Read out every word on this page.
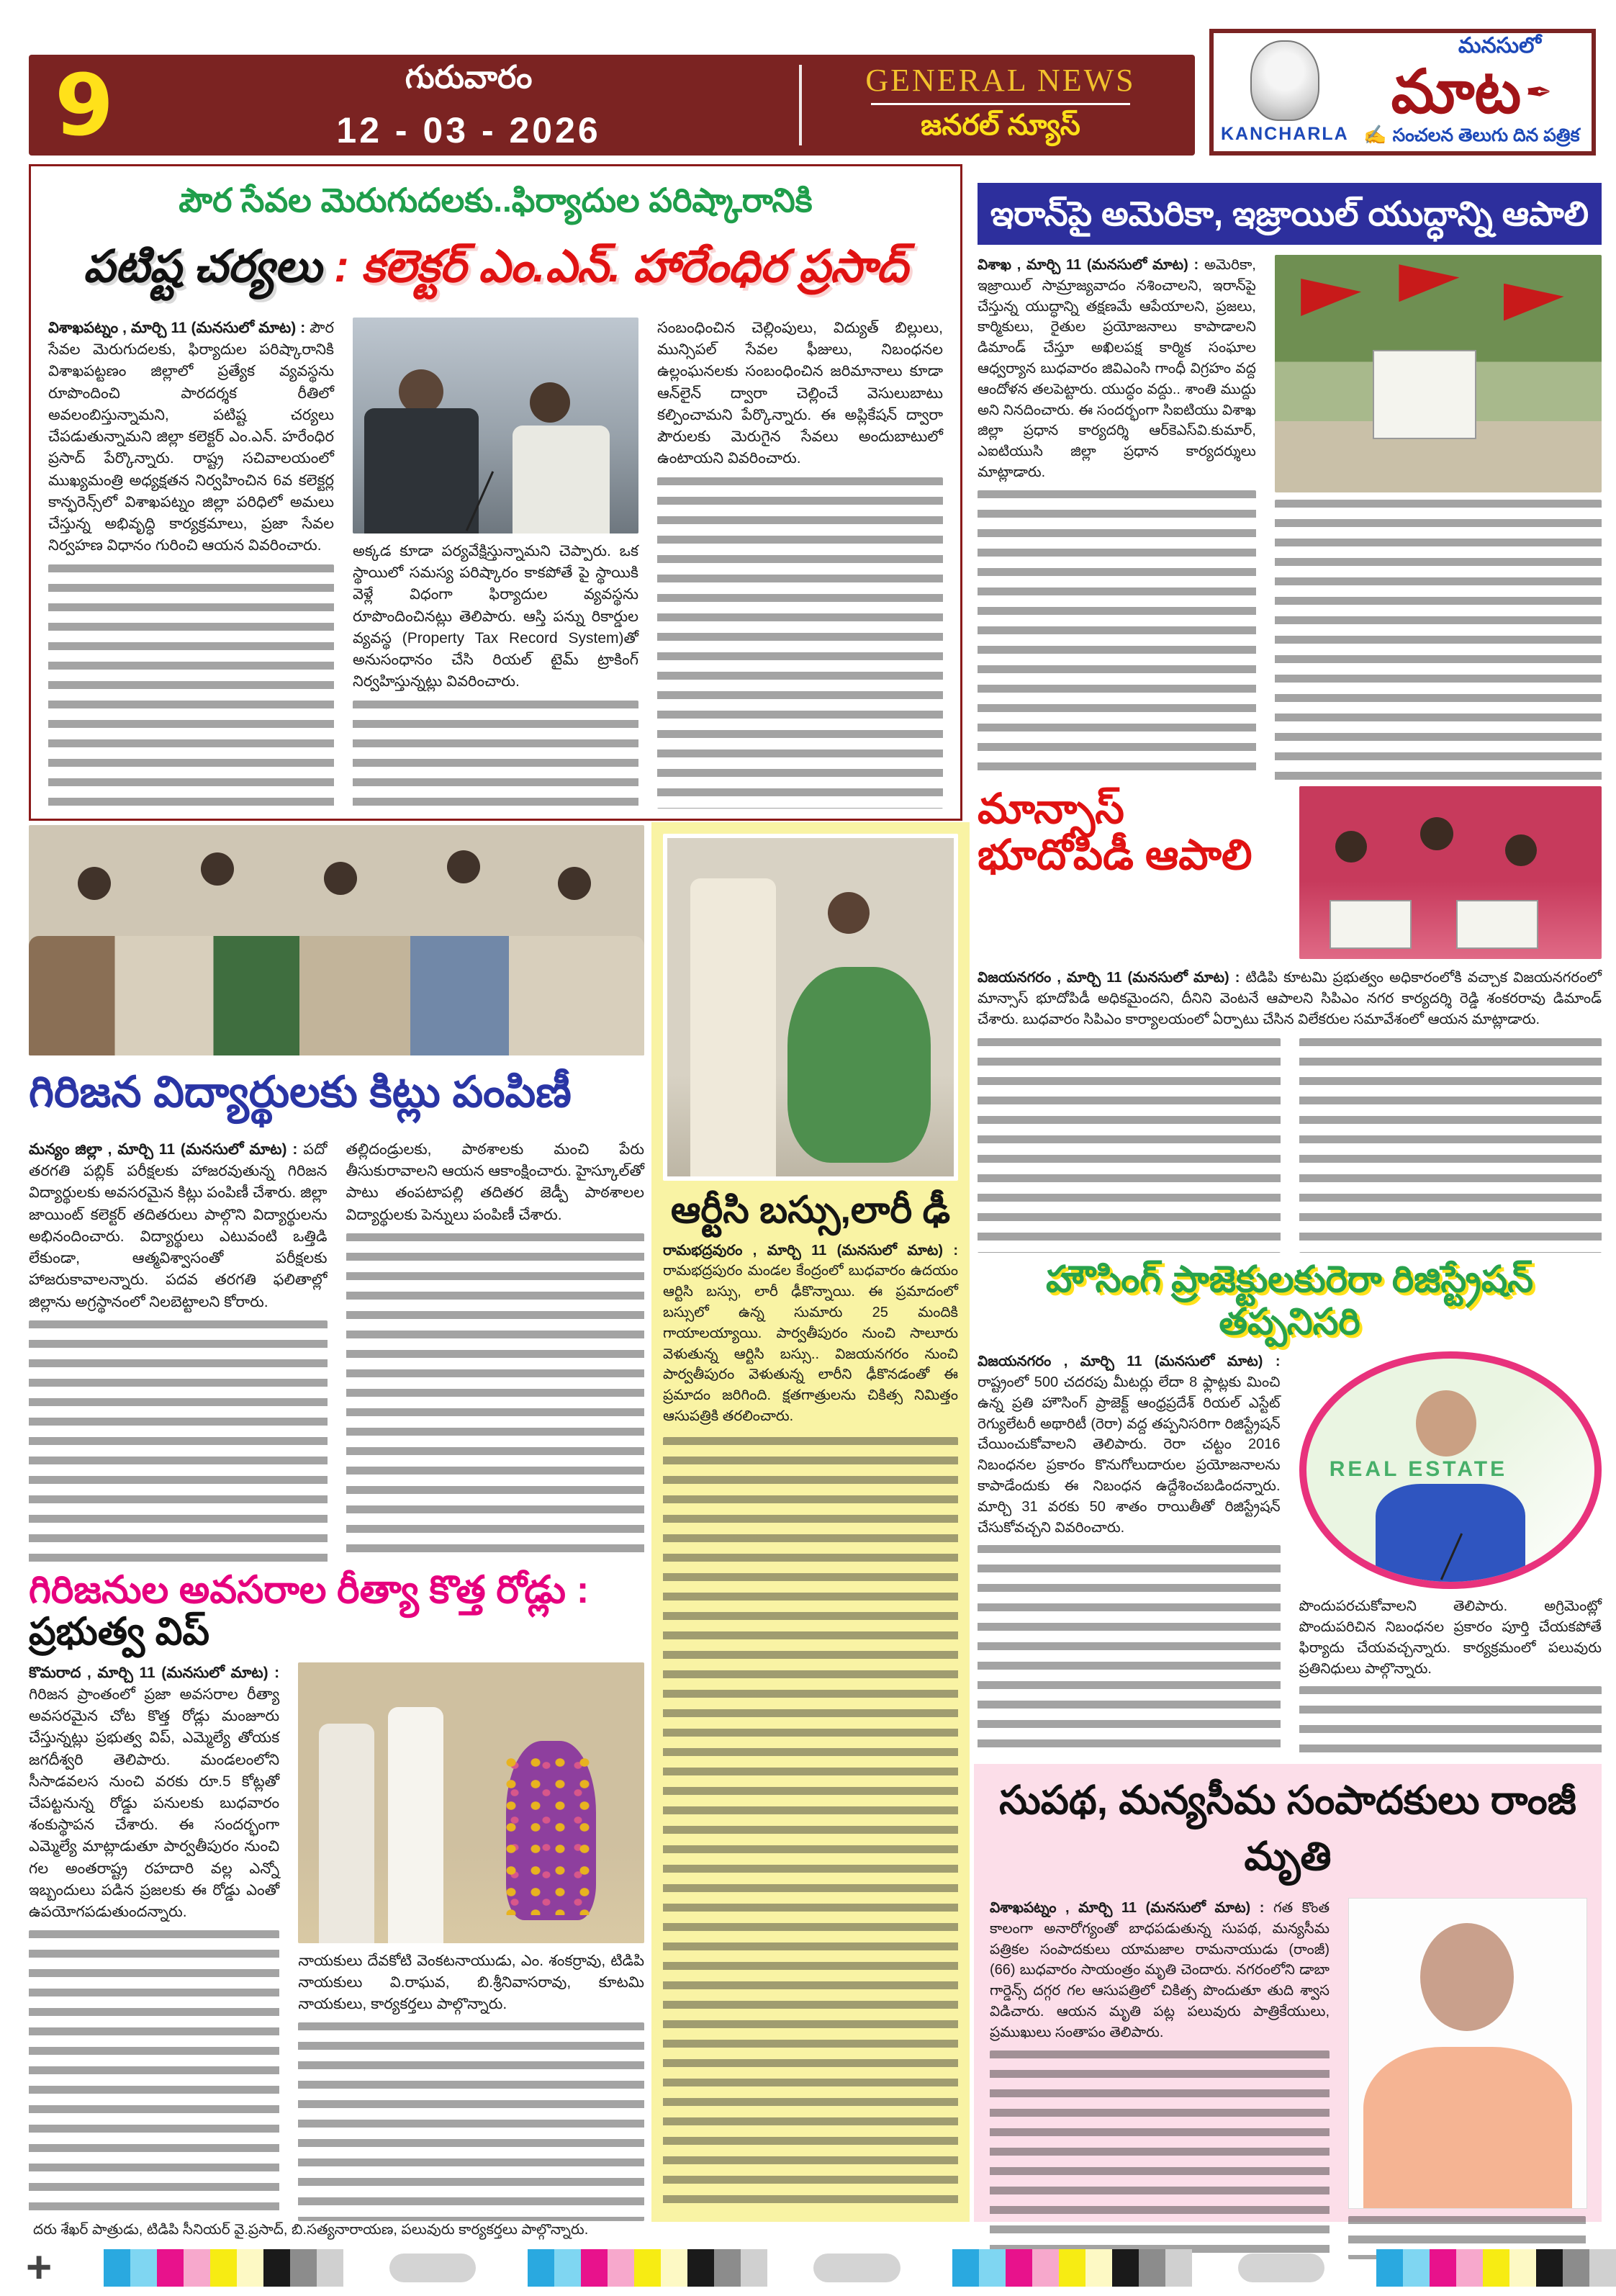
9	గురువారం
12 - 03 - 2026
GENERAL NEWS
జనరల్ న్యూస్	KANCHARLA
మనసులో
మాట ✒
✍ సంచలన తెలుగు దిన పత్రిక
పౌర సేవల మెరుగుదలకు..ఫిర్యాదుల పరిష్కారానికి
పటిష్ట చర్యలు : కలెక్టర్ ఎం.ఎన్. హారేంధిర ప్రసాద్
విశాఖపట్నం , మార్చి 11 (మనసులో మాట) : పౌర సేవల మెరుగుదలకు, ఫిర్యాదుల పరిష్కారానికి విశాఖపట్టణం జిల్లాలో ప్రత్యేక వ్యవస్థను రూపొందించి పారదర్శక రీతిలో అవలంబిస్తున్నామని, పటిష్ట చర్యలు చేపడుతున్నామని జిల్లా కలెక్టర్ ఎం.ఎన్. హరేంధిర ప్రసాద్ పేర్కొన్నారు. రాష్ట్ర సచివాలయంలో ముఖ్యమంత్రి అధ్యక్షతన నిర్వహించిన 6వ కలెక్టర్ల కాన్ఫరెన్స్‌లో విశాఖపట్నం జిల్లా పరిధిలో అమలు చేస్తున్న అభివృద్ధి కార్యక్రమాలు, ప్రజా సేవల నిర్వహణ విధానం గురించి ఆయన వివరించారు.	అక్కడ కూడా పర్యవేక్షిస్తున్నామని చెప్పారు. ఒక స్థాయిలో సమస్య పరిష్కారం కాకపోతే పై స్థాయికి వెళ్లే విధంగా ఫిర్యాదుల వ్యవస్థను రూపొందించినట్లు తెలిపారు. ఆస్తి పన్ను రికార్డుల వ్యవస్థ (Property Tax Record System)తో అనుసంధానం చేసి రియల్ టైమ్ ట్రాకింగ్ నిర్వహిస్తున్నట్లు వివరించారు.
సంబంధించిన చెల్లింపులు, విద్యుత్ బిల్లులు, మున్సిపల్ సేవల ఫీజులు, నిబంధనల ఉల్లంఘనలకు సంబంధించిన జరిమానాలు కూడా ఆన్‌లైన్ ద్వారా చెల్లించే వెసులుబాటు కల్పించామని పేర్కొన్నారు. ఈ అప్లికేషన్ ద్వారా పౌరులకు మెరుగైన సేవలు అందుబాటులో ఉంటాయని వివరించారు.
ఇరాన్‌పై అమెరికా, ఇజ్రాయిల్ యుద్ధాన్ని ఆపాలి
విశాఖ , మార్చి 11 (మనసులో మాట) : అమెరికా, ఇజ్రాయిల్ సామ్రాజ్యవాదం నశించాలని, ఇరాన్‌పై చేస్తున్న యుద్ధాన్ని తక్షణమే ఆపేయాలని, ప్రజలు, కార్మికులు, రైతుల ప్రయోజనాలు కాపాడాలని డిమాండ్ చేస్తూ అఖిలపక్ష కార్మిక సంఘాల ఆధ్వర్యాన బుధవారం జివిఎంసి గాంధీ విగ్రహం వద్ద ఆందోళన తలపెట్టారు. యుద్ధం వద్దు.. శాంతి ముద్దు అని నినదించారు. ఈ సందర్భంగా సిఐటియు విశాఖ జిల్లా ప్రధాన కార్యదర్శి ఆర్‌కెఎస్‌వి.కుమార్, ఎఐటియుసి జిల్లా ప్రధాన కార్యదర్శులు మాట్లాడారు.
మాన్సాస్ భూదోపిడీ ఆపాలి
విజయనగరం , మార్చి 11 (మనసులో మాట) : టిడిపి కూటమి ప్రభుత్వం అధికారంలోకి వచ్చాక విజయనగరంలో మాన్సాస్ భూదోపిడీ అధికమైందని, దీనిని వెంటనే ఆపాలని సిపిఎం నగర కార్యదర్శి రెడ్డి శంకరరావు డిమాండ్ చేశారు. బుధవారం సిపిఎం కార్యాలయంలో ఏర్పాటు చేసిన విలేకరుల సమావేశంలో ఆయన మాట్లాడారు.
హౌసింగ్ ప్రాజెక్టులకురెరా రిజిస్ట్రేషన్ తప్పనిసరి
విజయనగరం , మార్చి 11 (మనసులో మాట) : రాష్ట్రంలో 500 చదరపు మీటర్లు లేదా 8 ఫ్లాట్లకు మించి ఉన్న ప్రతి హౌసింగ్ ప్రాజెక్ట్ ఆంధ్రప్రదేశ్ రియల్ ఎస్టేట్ రెగ్యులేటరీ అథారిటీ (రెరా) వద్ద తప్పనిసరిగా రిజిస్ట్రేషన్ చేయించుకోవాలని తెలిపారు. రెరా చట్టం 2016 నిబంధనల ప్రకారం కొనుగోలుదారుల ప్రయోజనాలను కాపాడేందుకు ఈ నిబంధన ఉద్దేశించబడిందన్నారు. మార్చి 31 వరకు 50 శాతం రాయితీతో రిజిస్ట్రేషన్ చేసుకోవచ్చని వివరించారు.
REAL ESTATE
పొందుపరచుకోవాలని తెలిపారు. అగ్రిమెంట్లో పొందుపరిచిన నిబంధనల ప్రకారం పూర్తి చేయకపోతే ఫిర్యాదు చేయవచ్చన్నారు. కార్యక్రమంలో పలువురు ప్రతినిధులు పాల్గొన్నారు.
సుపథ, మన్యసీమ సంపాదకులు రాంజీ మృతి
విశాఖపట్నం , మార్చి 11 (మనసులో మాట) : గత కొంత కాలంగా అనారోగ్యంతో బాధపడుతున్న సుపథ, మన్యసీమ పత్రికల సంపాదకులు యామజాల రామనాయుడు (రాంజీ) (66) బుధవారం సాయంత్రం మృతి చెందారు. నగరంలోని డాబా గార్డెన్స్ దగ్గర గల ఆసుపత్రిలో చికిత్స పొందుతూ తుది శ్వాస విడిచారు. ఆయన మృతి పట్ల పలువురు పాత్రికేయులు, ప్రముఖులు సంతాపం తెలిపారు.
గిరిజన విద్యార్థులకు కిట్లు పంపిణీ
మన్యం జిల్లా , మార్చి 11 (మనసులో మాట) : పదో తరగతి పబ్లిక్ పరీక్షలకు హాజరవుతున్న గిరిజన విద్యార్థులకు అవసరమైన కిట్లు పంపిణీ చేశారు. జిల్లా జాయింట్ కలెక్టర్ తదితరులు పాల్గొని విద్యార్థులను అభినందించారు. విద్యార్థులు ఎటువంటి ఒత్తిడి లేకుండా, ఆత్మవిశ్వాసంతో పరీక్షలకు హాజరుకావాలన్నారు. పదవ తరగతి ఫలితాల్లో జిల్లాను అగ్రస్థానంలో నిలబెట్టాలని కోరారు.
తల్లిదండ్రులకు, పాఠశాలకు మంచి పేరు తీసుకురావాలని ఆయన ఆకాంక్షించారు. హైస్కూల్‌తో పాటు తంపటాపల్లి తదితర జెడ్పీ పాఠశాలల విద్యార్థులకు పెన్నులు పంపిణీ చేశారు.
గిరిజనుల అవసరాల రీత్యా కొత్త రోడ్లు : ప్రభుత్వ విప్
కొమరాద , మార్చి 11 (మనసులో మాట) : గిరిజన ప్రాంతంలో ప్రజా అవసరాల రీత్యా అవసరమైన చోట కొత్త రోడ్లు మంజూరు చేస్తున్నట్లు ప్రభుత్వ విప్, ఎమ్మెల్యే తోయక జగదీశ్వరి తెలిపారు. మండలంలోని సీసాడవలస నుంచి వరకు రూ.5 కోట్లతో చేపట్టనున్న రోడ్డు పనులకు బుధవారం శంకుస్థాపన చేశారు. ఈ సందర్భంగా ఎమ్మెల్యే మాట్లాడుతూ పార్వతీపురం నుంచి గల అంతరాష్ట్ర రహదారి వల్ల ఎన్నో ఇబ్బందులు పడిన ప్రజలకు ఈ రోడ్డు ఎంతో ఉపయోగపడుతుందన్నారు.
నాయకులు దేవకోటి వెంకటనాయుడు, ఎం. శంకర్రావు, టిడిపి నాయకులు వి.రాఘవ, బి.శ్రీనివాసరావు, కూటమి నాయకులు, కార్యకర్తలు పాల్గొన్నారు.
దరు శేఖర్ పాత్రుడు, టిడిపి సీనియర్ వై.ప్రసాద్, బి.సత్యనారాయణ, పలువురు కార్యకర్తలు పాల్గొన్నారు.
ఆర్టీసి బస్సు,లారీ ఢీ
రామభద్రవురం , మార్చి 11 (మనసులో మాట) : రామభద్రపురం మండల కేంద్రంలో బుధవారం ఉదయం ఆర్టిసి బస్సు, లారీ ఢీకొన్నాయి. ఈ ప్రమాదంలో బస్సులో ఉన్న సుమారు 25 మందికి గాయాలయ్యాయి. పార్వతీపురం నుంచి సాలూరు వెళుతున్న ఆర్టిసి బస్సు.. విజయనగరం నుంచి పార్వతీపురం వెళుతున్న లారీని ఢీకొనడంతో ఈ ప్రమాదం జరిగింది. క్షతగాత్రులను చికిత్స నిమిత్తం ఆసుపత్రికి తరలించారు.
+
